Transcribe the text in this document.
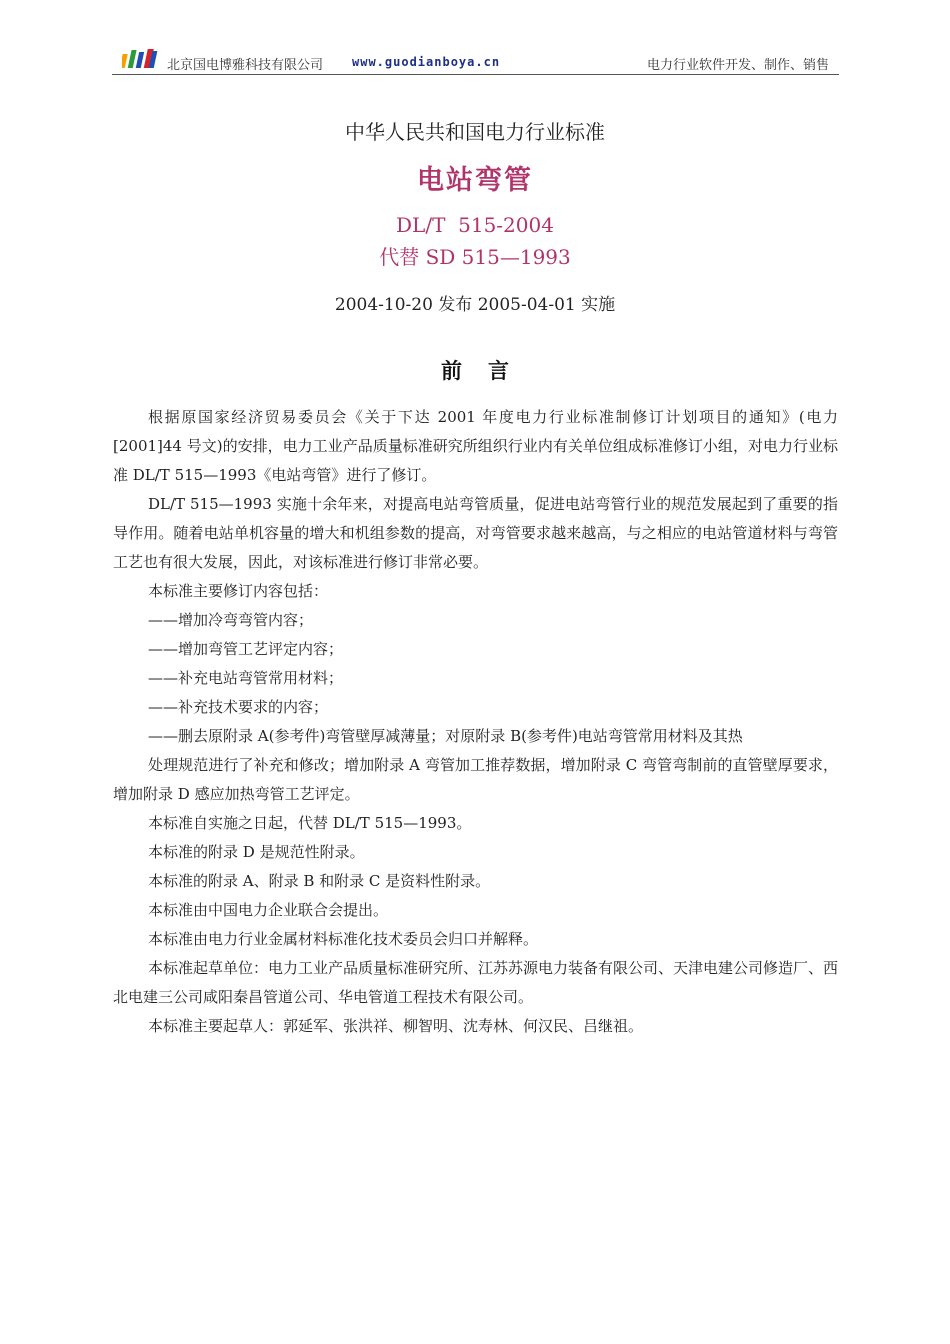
北京国电博雅科技有限公司 www.guodianboya.cn	电力行业软件开发、制作、销售
中华人民共和国电力行业标准
电站弯管
DL/T  515-2004
代替 SD 515—1993
2004-10-20 发布 2005-04-01 实施
前言

根据原国家经济贸易委员会《关于下达 2001 年度电力行业标准制修订计划项目的通知》(电力[2001]44 号文)的安排，电力工业产品质量标准研究所组织行业内有关单位组成标准修订小组，对电力行业标准 DL/T 515—1993《电站弯管》进行了修订。

DL/T 515—1993 实施十余年来，对提高电站弯管质量，促进电站弯管行业的规范发展起到了重要的指导作用。随着电站单机容量的增大和机组参数的提高，对弯管要求越来越高，与之相应的电站管道材料与弯管工艺也有很大发展，因此，对该标准进行修订非常必要。

本标准主要修订内容包括：

——增加冷弯弯管内容；

——增加弯管工艺评定内容；

——补充电站弯管常用材料；

——补充技术要求的内容；

——删去原附录 A(参考件)弯管壁厚减薄量；对原附录 B(参考件)电站弯管常用材料及其热

处理规范进行了补充和修改；增加附录 A 弯管加工推荐数据，增加附录 C 弯管弯制前的直管壁厚要求，增加附录 D 感应加热弯管工艺评定。

本标准自实施之日起，代替 DL/T 515—1993。

本标准的附录 D 是规范性附录。

本标准的附录 A、附录 B 和附录 C 是资料性附录。

本标准由中国电力企业联合会提出。

本标准由电力行业金属材料标准化技术委员会归口并解释。

本标准起草单位：电力工业产品质量标准研究所、江苏苏源电力装备有限公司、天津电建公司修造厂、西北电建三公司咸阳秦昌管道公司、华电管道工程技术有限公司。

本标准主要起草人：郭延军、张洪祥、柳智明、沈寿林、何汉民、吕继祖。
